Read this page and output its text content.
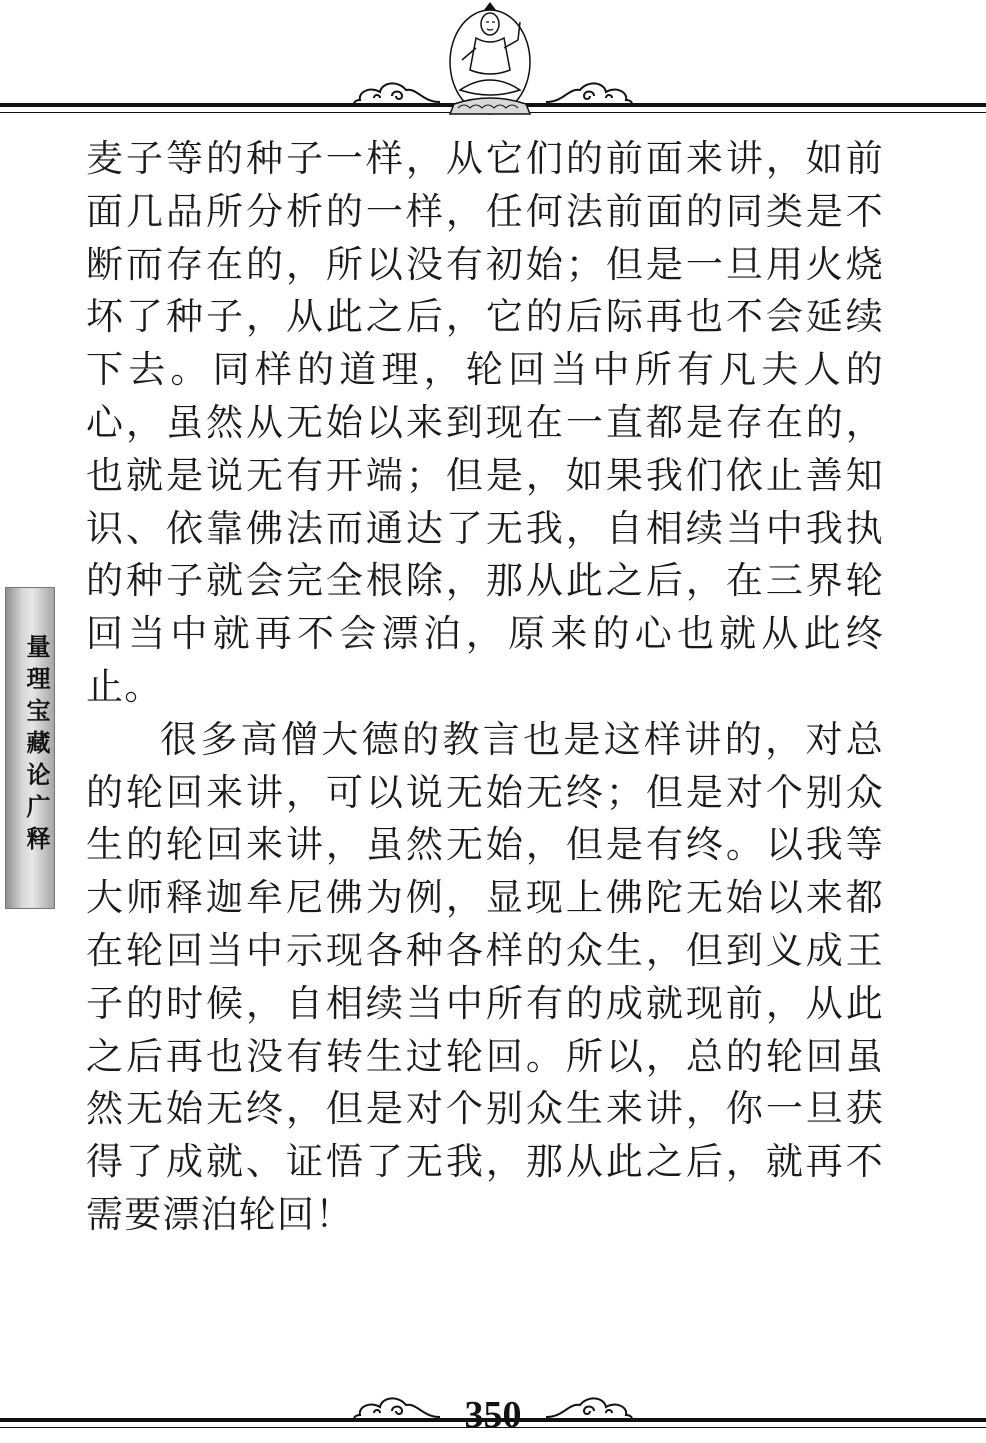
麦子等的种子一样，从它们的前面来讲，如前面几品所分析的一样，任何法前面的同类是不断而存在的，所以没有初始；但是一旦用火烧坏了种子，从此之后，它的后际再也不会延续下去。同样的道理，轮回当中所有凡夫人的心，虽然从无始以来到现在一直都是存在的，也就是说无有开端；但是，如果我们依止善知识、依靠佛法而通达了无我，自相续当中我执的种子就会完全根除，那从此之后，在三界轮回当中就再不会漂泊，原来的心也就从此终止。

很多高僧大德的教言也是这样讲的，对总的轮回来讲，可以说无始无终；但是对个别众生的轮回来讲，虽然无始，但是有终。以我等大师释迦牟尼佛为例，显现上佛陀无始以来都在轮回当中示现各种各样的众生，但到义成王子的时候，自相续当中所有的成就现前，从此之后再也没有转生过轮回。所以，总的轮回虽然无始无终，但是对个别众生来讲，你一旦获得了成就、证悟了无我，那从此之后，就再不需要漂泊轮回！

量理宝藏论广释
350
